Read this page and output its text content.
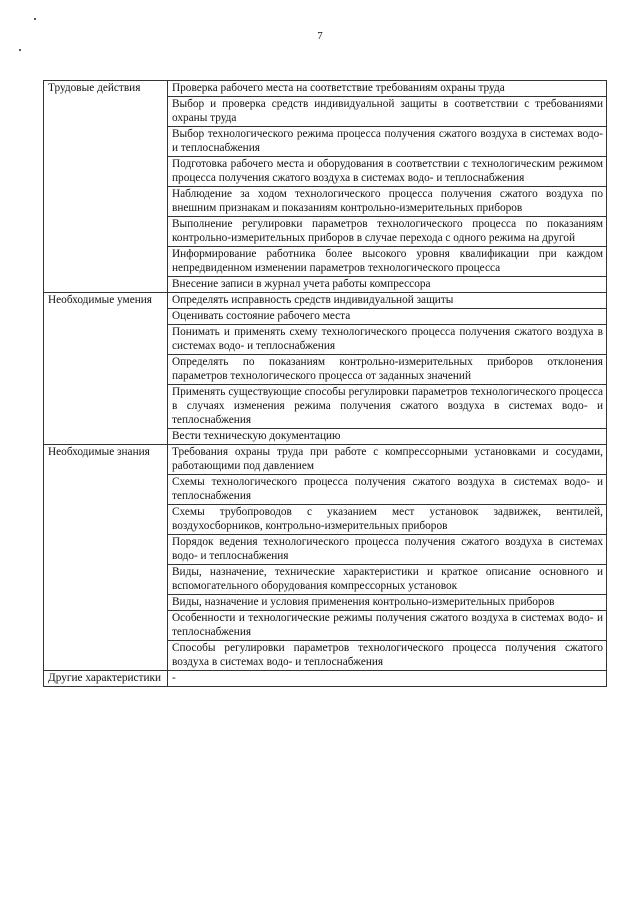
7
Трудовые действия	Проверка рабочего места на соответствие требованиям охраны труда
	Выбор и проверка средств индивидуальной защиты в соответствии с требованиями охраны труда
	Выбор технологического режима процесса получения сжатого воздуха в системах водо- и теплоснабжения
	Подготовка рабочего места и оборудования в соответствии с технологическим режимом процесса получения сжатого воздуха в системах водо- и теплоснабжения
	Наблюдение за ходом технологического процесса получения сжатого воздуха по внешним признакам и показаниям контрольно-измерительных приборов
	Выполнение регулировки параметров технологического процесса по показаниям контрольно-измерительных приборов в случае перехода с одного режима на другой
	Информирование работника более высокого уровня квалификации при каждом непредвиденном изменении параметров технологического процесса
	Внесение записи в журнал учета работы компрессора
Необходимые умения	Определять исправность средств индивидуальной защиты
	Оценивать состояние рабочего места
	Понимать и применять схему технологического процесса получения сжатого воздуха в системах водо- и теплоснабжения
	Определять по показаниям контрольно-измерительных приборов отклонения параметров технологического процесса от заданных значений
	Применять существующие способы регулировки параметров технологического процесса в случаях изменения режима получения сжатого воздуха в системах водо- и теплоснабжения
	Вести техническую документацию
Необходимые знания	Требования охраны труда при работе с компрессорными установками и сосудами, работающими под давлением
	Схемы технологического процесса получения сжатого воздуха в системах водо- и теплоснабжения
	Схемы трубопроводов с указанием мест установок задвижек, вентилей, воздухосборников, контрольно-измерительных приборов
	Порядок ведения технологического процесса получения сжатого воздуха в системах водо- и теплоснабжения
	Виды, назначение, технические характеристики и краткое описание основного и вспомогательного оборудования компрессорных установок
	Виды, назначение и условия применения контрольно-измерительных приборов
	Особенности и технологические режимы получения сжатого воздуха в системах водо- и теплоснабжения
	Способы регулировки параметров технологического процесса получения сжатого воздуха в системах водо- и теплоснабжения
Другие характеристики	-
